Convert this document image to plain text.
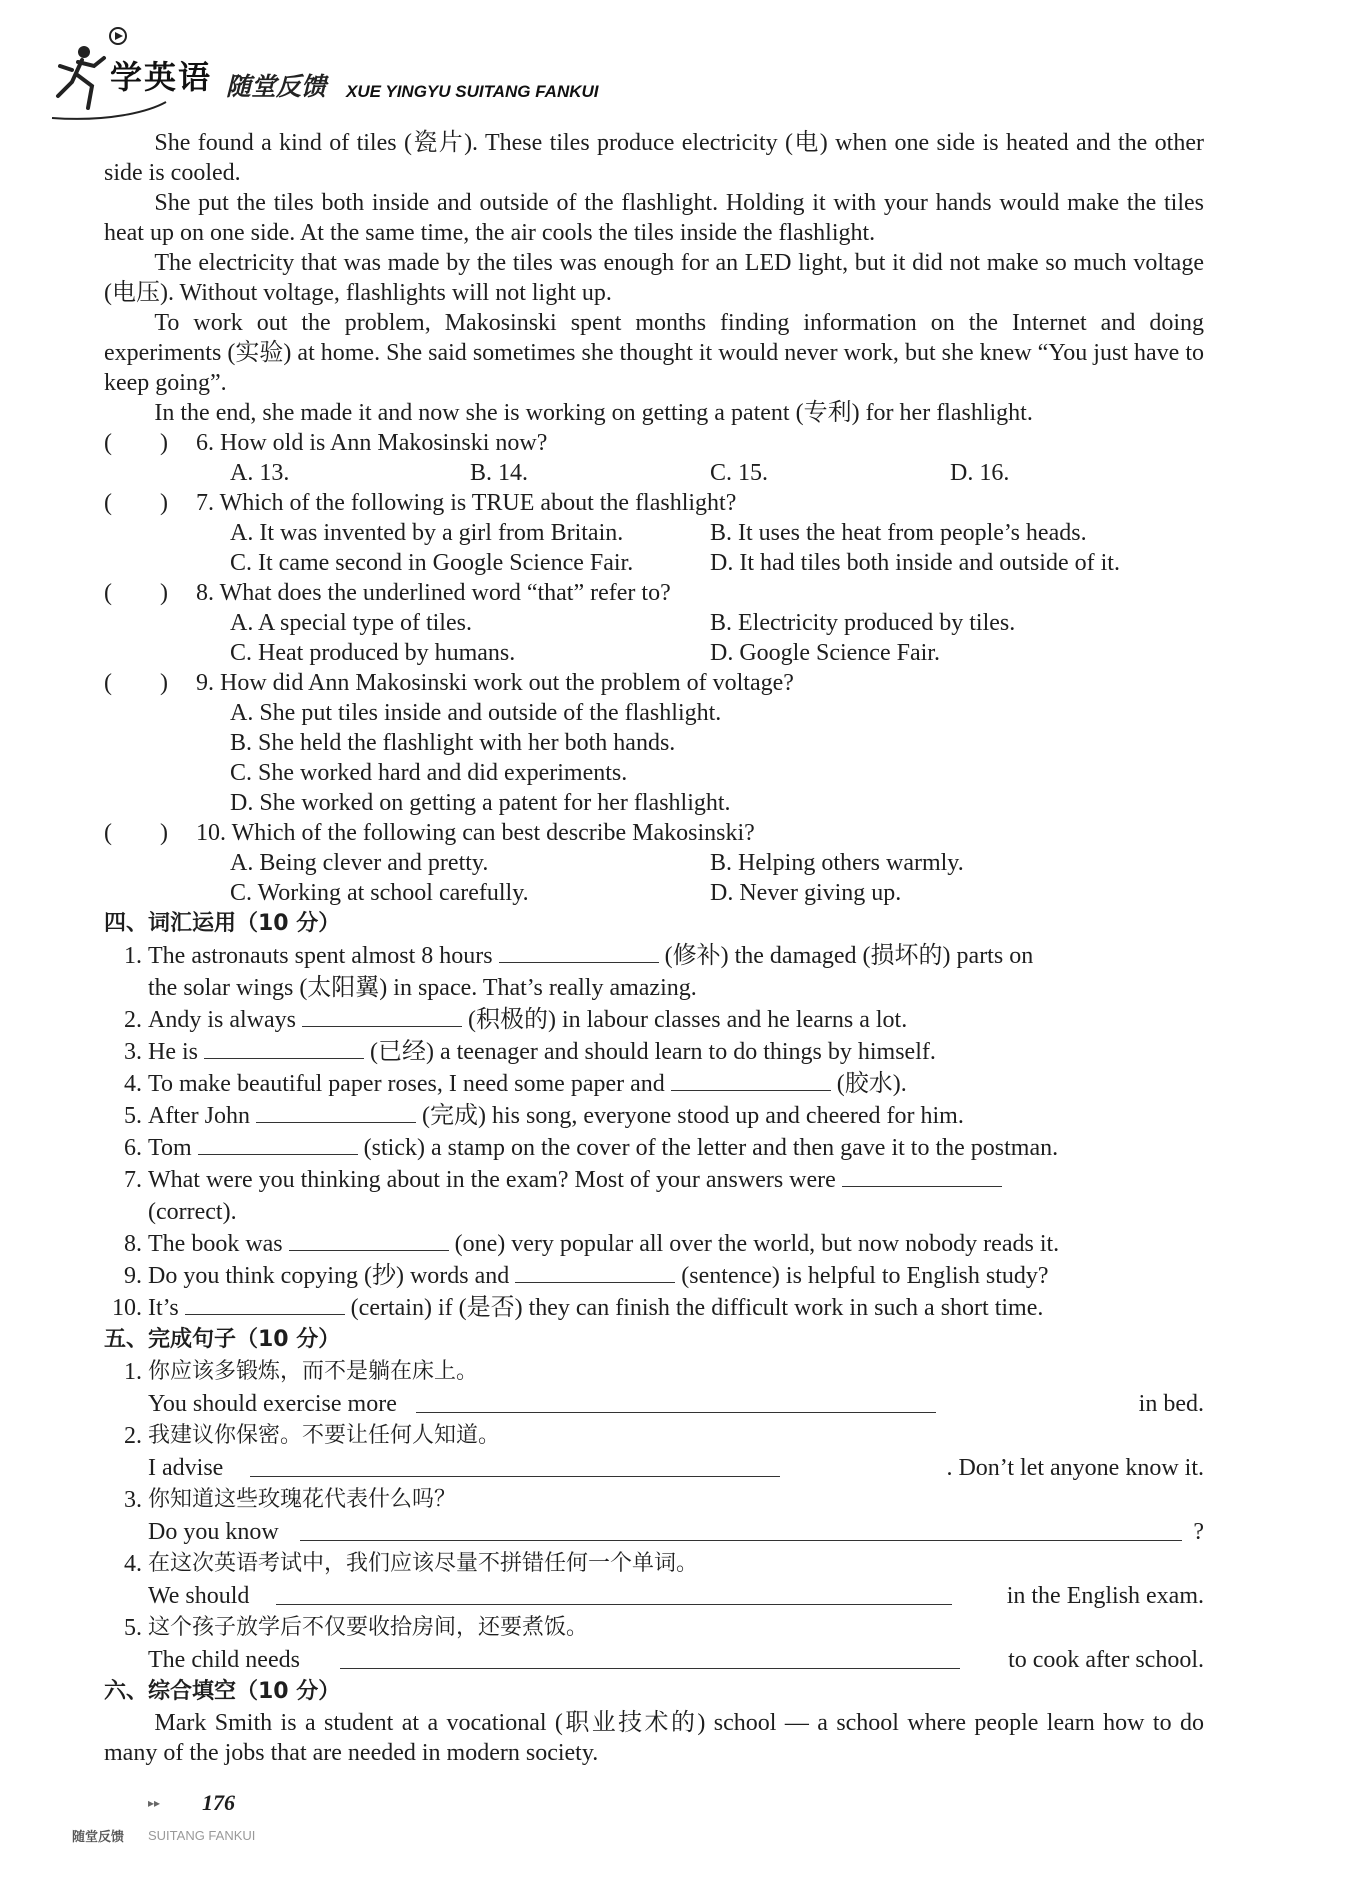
学英语 随堂反馈 XUE YINGYU SUITANG FANKUI

She found a kind of tiles (瓷片). These tiles produce electricity (电) when one side is heated and the other side is cooled.

She put the tiles both inside and outside of the flashlight. Holding it with your hands would make the tiles heat up on one side. At the same time, the air cools the tiles inside the flashlight.

The electricity that was made by the tiles was enough for an LED light, but it did not make so much voltage (电压). Without voltage, flashlights will not light up.

To work out the problem, Makosinski spent months finding information on the Internet and doing experiments (实验) at home. She said sometimes she thought it would never work, but she knew “You just have to keep going”.

In the end, she made it and now she is working on getting a patent (专利) for her flashlight.

(　　) 6. How old is Ann Makosinski now?
A. 13.	B. 14.	C. 15.	D. 16.
(　　) 7. Which of the following is TRUE about the flashlight?
A. It was invented by a girl from Britain.	B. It uses the heat from people’s heads.
C. It came second in Google Science Fair.	D. It had tiles both inside and outside of it.
(　　) 8. What does the underlined word “that” refer to?
A. A special type of tiles.	B. Electricity produced by tiles.
C. Heat produced by humans.	D. Google Science Fair.
(　　) 9. How did Ann Makosinski work out the problem of voltage?
A. She put tiles inside and outside of the flashlight.
B. She held the flashlight with her both hands.
C. She worked hard and did experiments.
D. She worked on getting a patent for her flashlight.
(　　) 10. Which of the following can best describe Makosinski?
A. Being clever and pretty.	B. Helping others warmly.
C. Working at school carefully.	D. Never giving up.
四、词汇运用（10 分）
1. The astronauts spent almost 8 hours	(修补) the damaged (损坏的) parts on
the solar wings (太阳翼) in space. That’s really amazing.
2. Andy is always	(积极的) in labour classes and he learns a lot.
3. He is	(已经) a teenager and should learn to do things by himself.
4. To make beautiful paper roses, I need some paper and	(胶水).
5. After John	(完成) his song, everyone stood up and cheered for him.
6. Tom	(stick) a stamp on the cover of the letter and then gave it to the postman.
7. What were you thinking about in the exam? Most of your answers were
(correct).
8. The book was	(one) very popular all over the world, but now nobody reads it.
9. Do you think copying (抄) words and	(sentence) is helpful to English study?
10. It’s	(certain) if (是否) they can finish the difficult work in such a short time.
五、完成句子（10 分）
1. 你应该多锻炼，而不是躺在床上。
You should exercise more	in bed.
2. 我建议你保密。不要让任何人知道。
I advise	. Don’t let anyone know it.
3. 你知道这些玫瑰花代表什么吗？
Do you know	?
4. 在这次英语考试中，我们应该尽量不拼错任何一个单词。
We should	in the English exam.
5. 这个孩子放学后不仅要收拾房间，还要煮饭。
The child needs	to cook after school.
六、综合填空（10 分）

Mark Smith is a student at a vocational (职业技术的) school — a school where people learn how to do many of the jobs that are needed in modern society.

▸▸ 176
随堂反馈 SUITANG FANKUI
